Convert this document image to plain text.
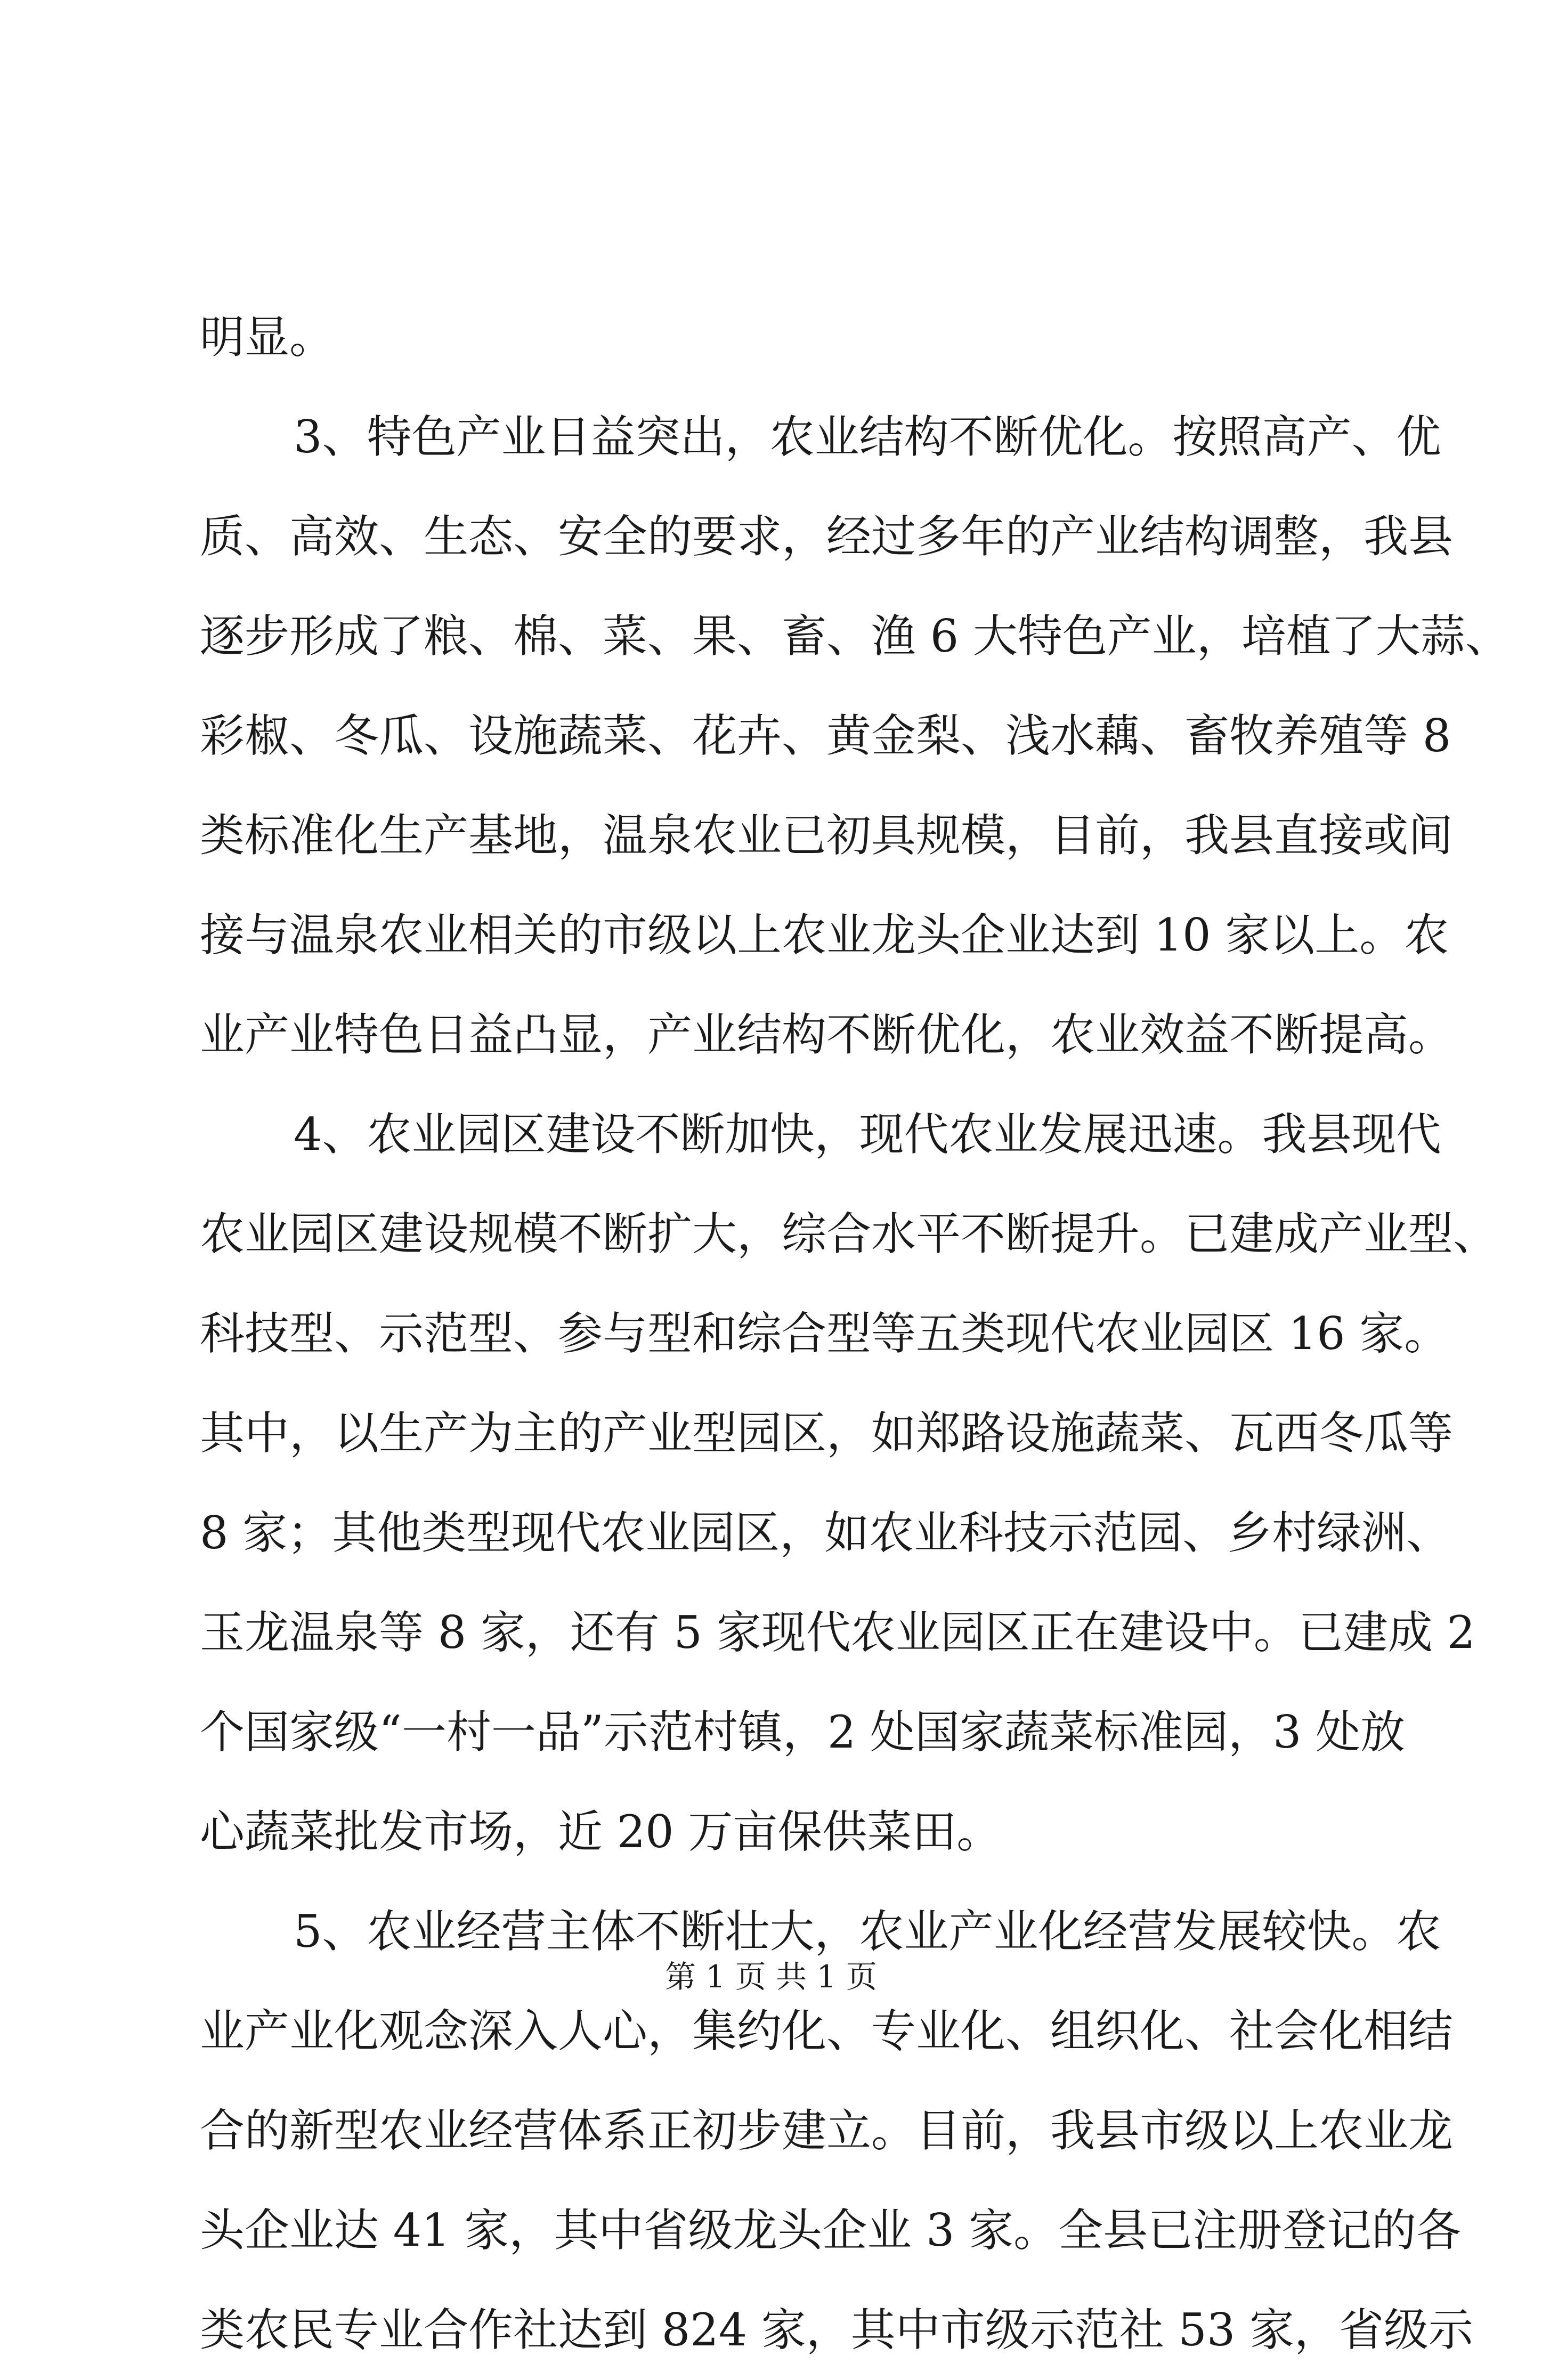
明显。
3、特色产业日益突出，农业结构不断优化。按照高产、优
质、高效、生态、安全的要求，经过多年的产业结构调整，我县
逐步形成了粮、棉、菜、果、畜、渔 6 大特色产业，培植了大蒜、
彩椒、冬瓜、设施蔬菜、花卉、黄金梨、浅水藕、畜牧养殖等 8
类标准化生产基地，温泉农业已初具规模，目前，我县直接或间
接与温泉农业相关的市级以上农业龙头企业达到 10 家以上。农
业产业特色日益凸显，产业结构不断优化，农业效益不断提高。
4、农业园区建设不断加快，现代农业发展迅速。我县现代
农业园区建设规模不断扩大，综合水平不断提升。已建成产业型、
科技型、示范型、参与型和综合型等五类现代农业园区 16 家。
其中，以生产为主的产业型园区，如郑路设施蔬菜、瓦西冬瓜等
8 家；其他类型现代农业园区，如农业科技示范园、乡村绿洲、
玉龙温泉等 8 家，还有 5 家现代农业园区正在建设中。已建成 2
个国家级“一村一品”示范村镇，2 处国家蔬菜标准园，3 处放
心蔬菜批发市场，近 20 万亩保供菜田。
5、农业经营主体不断壮大，农业产业化经营发展较快。农
业产业化观念深入人心，集约化、专业化、组织化、社会化相结
合的新型农业经营体系正初步建立。目前，我县市级以上农业龙
头企业达 41 家，其中省级龙头企业 3 家。全县已注册登记的各
类农民专业合作社达到 824 家，其中市级示范社 53 家，省级示
第 1 页 共 1 页
